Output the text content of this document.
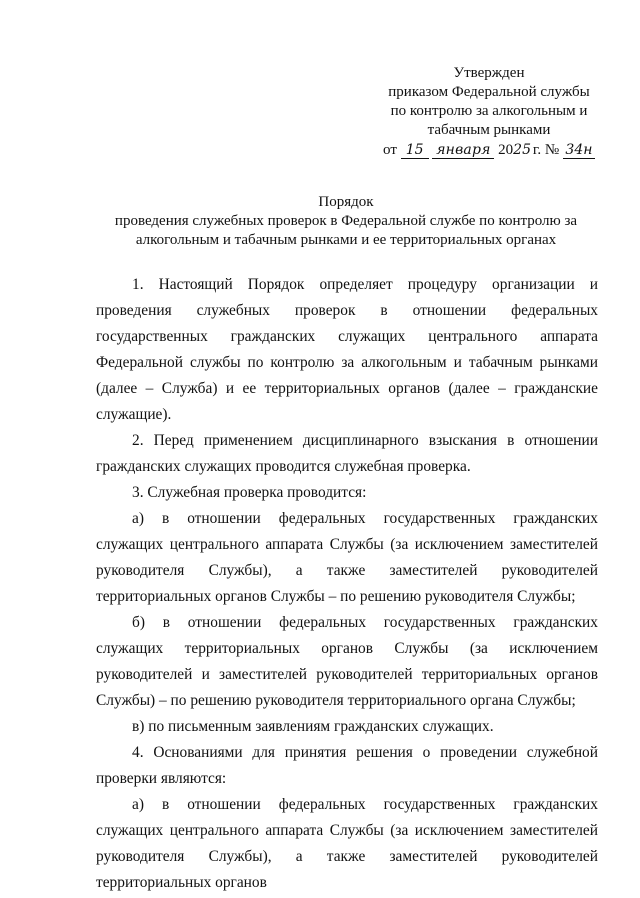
Утвержден
приказом Федеральной службы
по контролю за алкогольным и
табачным рынками
от 15 января 2025 г. № 34н
Порядок
проведения служебных проверок в Федеральной службе по контролю за
алкогольным и табачным рынками и ее территориальных органах

1. Настоящий Порядок определяет процедуру организации и проведения служебных проверок в отношении федеральных государственных гражданских служащих центрального аппарата Федеральной службы по контролю за алкогольным и табачным рынками (далее – Служба) и ее территориальных органов (далее – гражданские служащие).

2. Перед применением дисциплинарного взыскания в отношении гражданских служащих проводится служебная проверка.

3. Служебная проверка проводится:

а) в отношении федеральных государственных гражданских служащих центрального аппарата Службы (за исключением заместителей руководителя Службы), а также заместителей руководителей территориальных органов Службы – по решению руководителя Службы;

б) в отношении федеральных государственных гражданских служащих территориальных органов Службы (за исключением руководителей и заместителей руководителей территориальных органов Службы) – по решению руководителя территориального органа Службы;

в) по письменным заявлениям гражданских служащих.

4. Основаниями для принятия решения о проведении служебной проверки являются:

а) в отношении федеральных государственных гражданских служащих центрального аппарата Службы (за исключением заместителей руководителя Службы), а также заместителей руководителей территориальных органов
